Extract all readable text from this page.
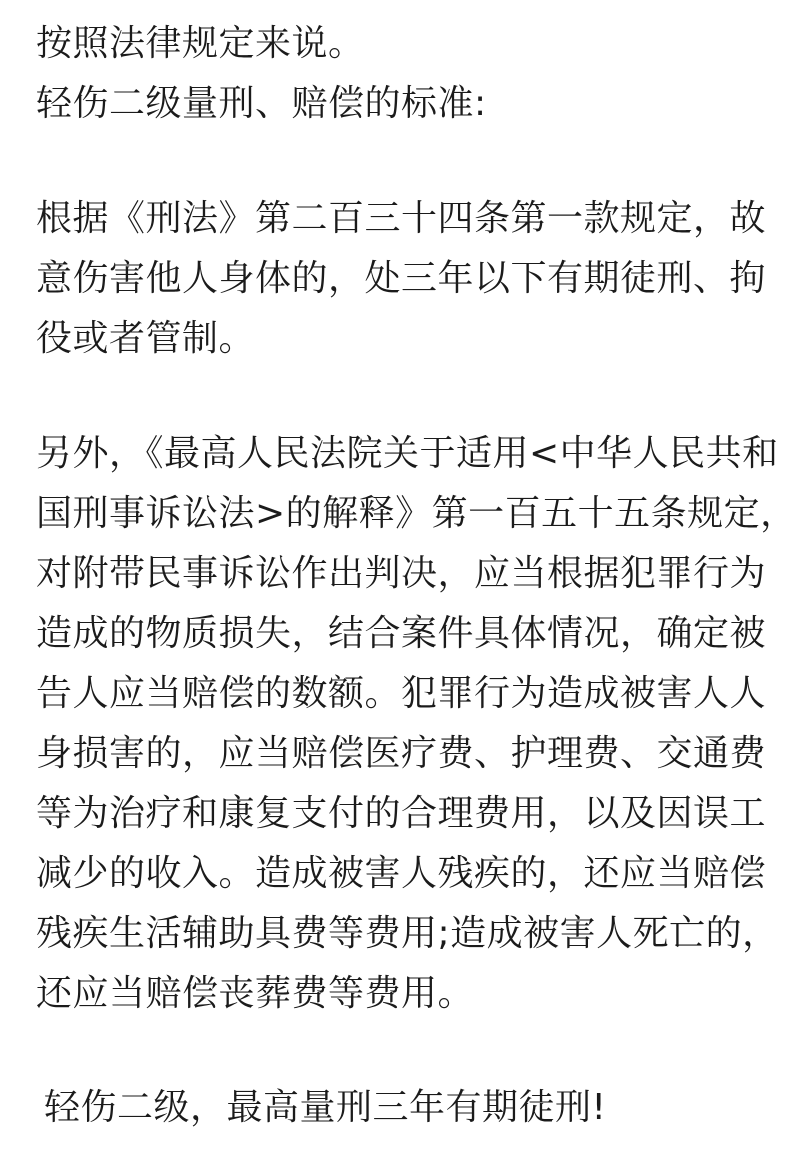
按照法律规定来说。
轻伤二级量刑、赔偿的标准:
根据《刑法》第二百三十四条第一款规定，故
意伤害他人身体的，处三年以下有期徒刑、拘
役或者管制。
另外，《最高人民法院关于适用<中华人民共和
国刑事诉讼法>的解释》第一百五十五条规定，
对附带民事诉讼作出判决，应当根据犯罪行为
造成的物质损失，结合案件具体情况，确定被
告人应当赔偿的数额。犯罪行为造成被害人人
身损害的，应当赔偿医疗费、护理费、交通费
等为治疗和康复支付的合理费用，以及因误工
减少的收入。造成被害人残疾的，还应当赔偿
残疾生活辅助具费等费用;造成被害人死亡的，
还应当赔偿丧葬费等费用。
轻伤二级，最高量刑三年有期徒刑!
